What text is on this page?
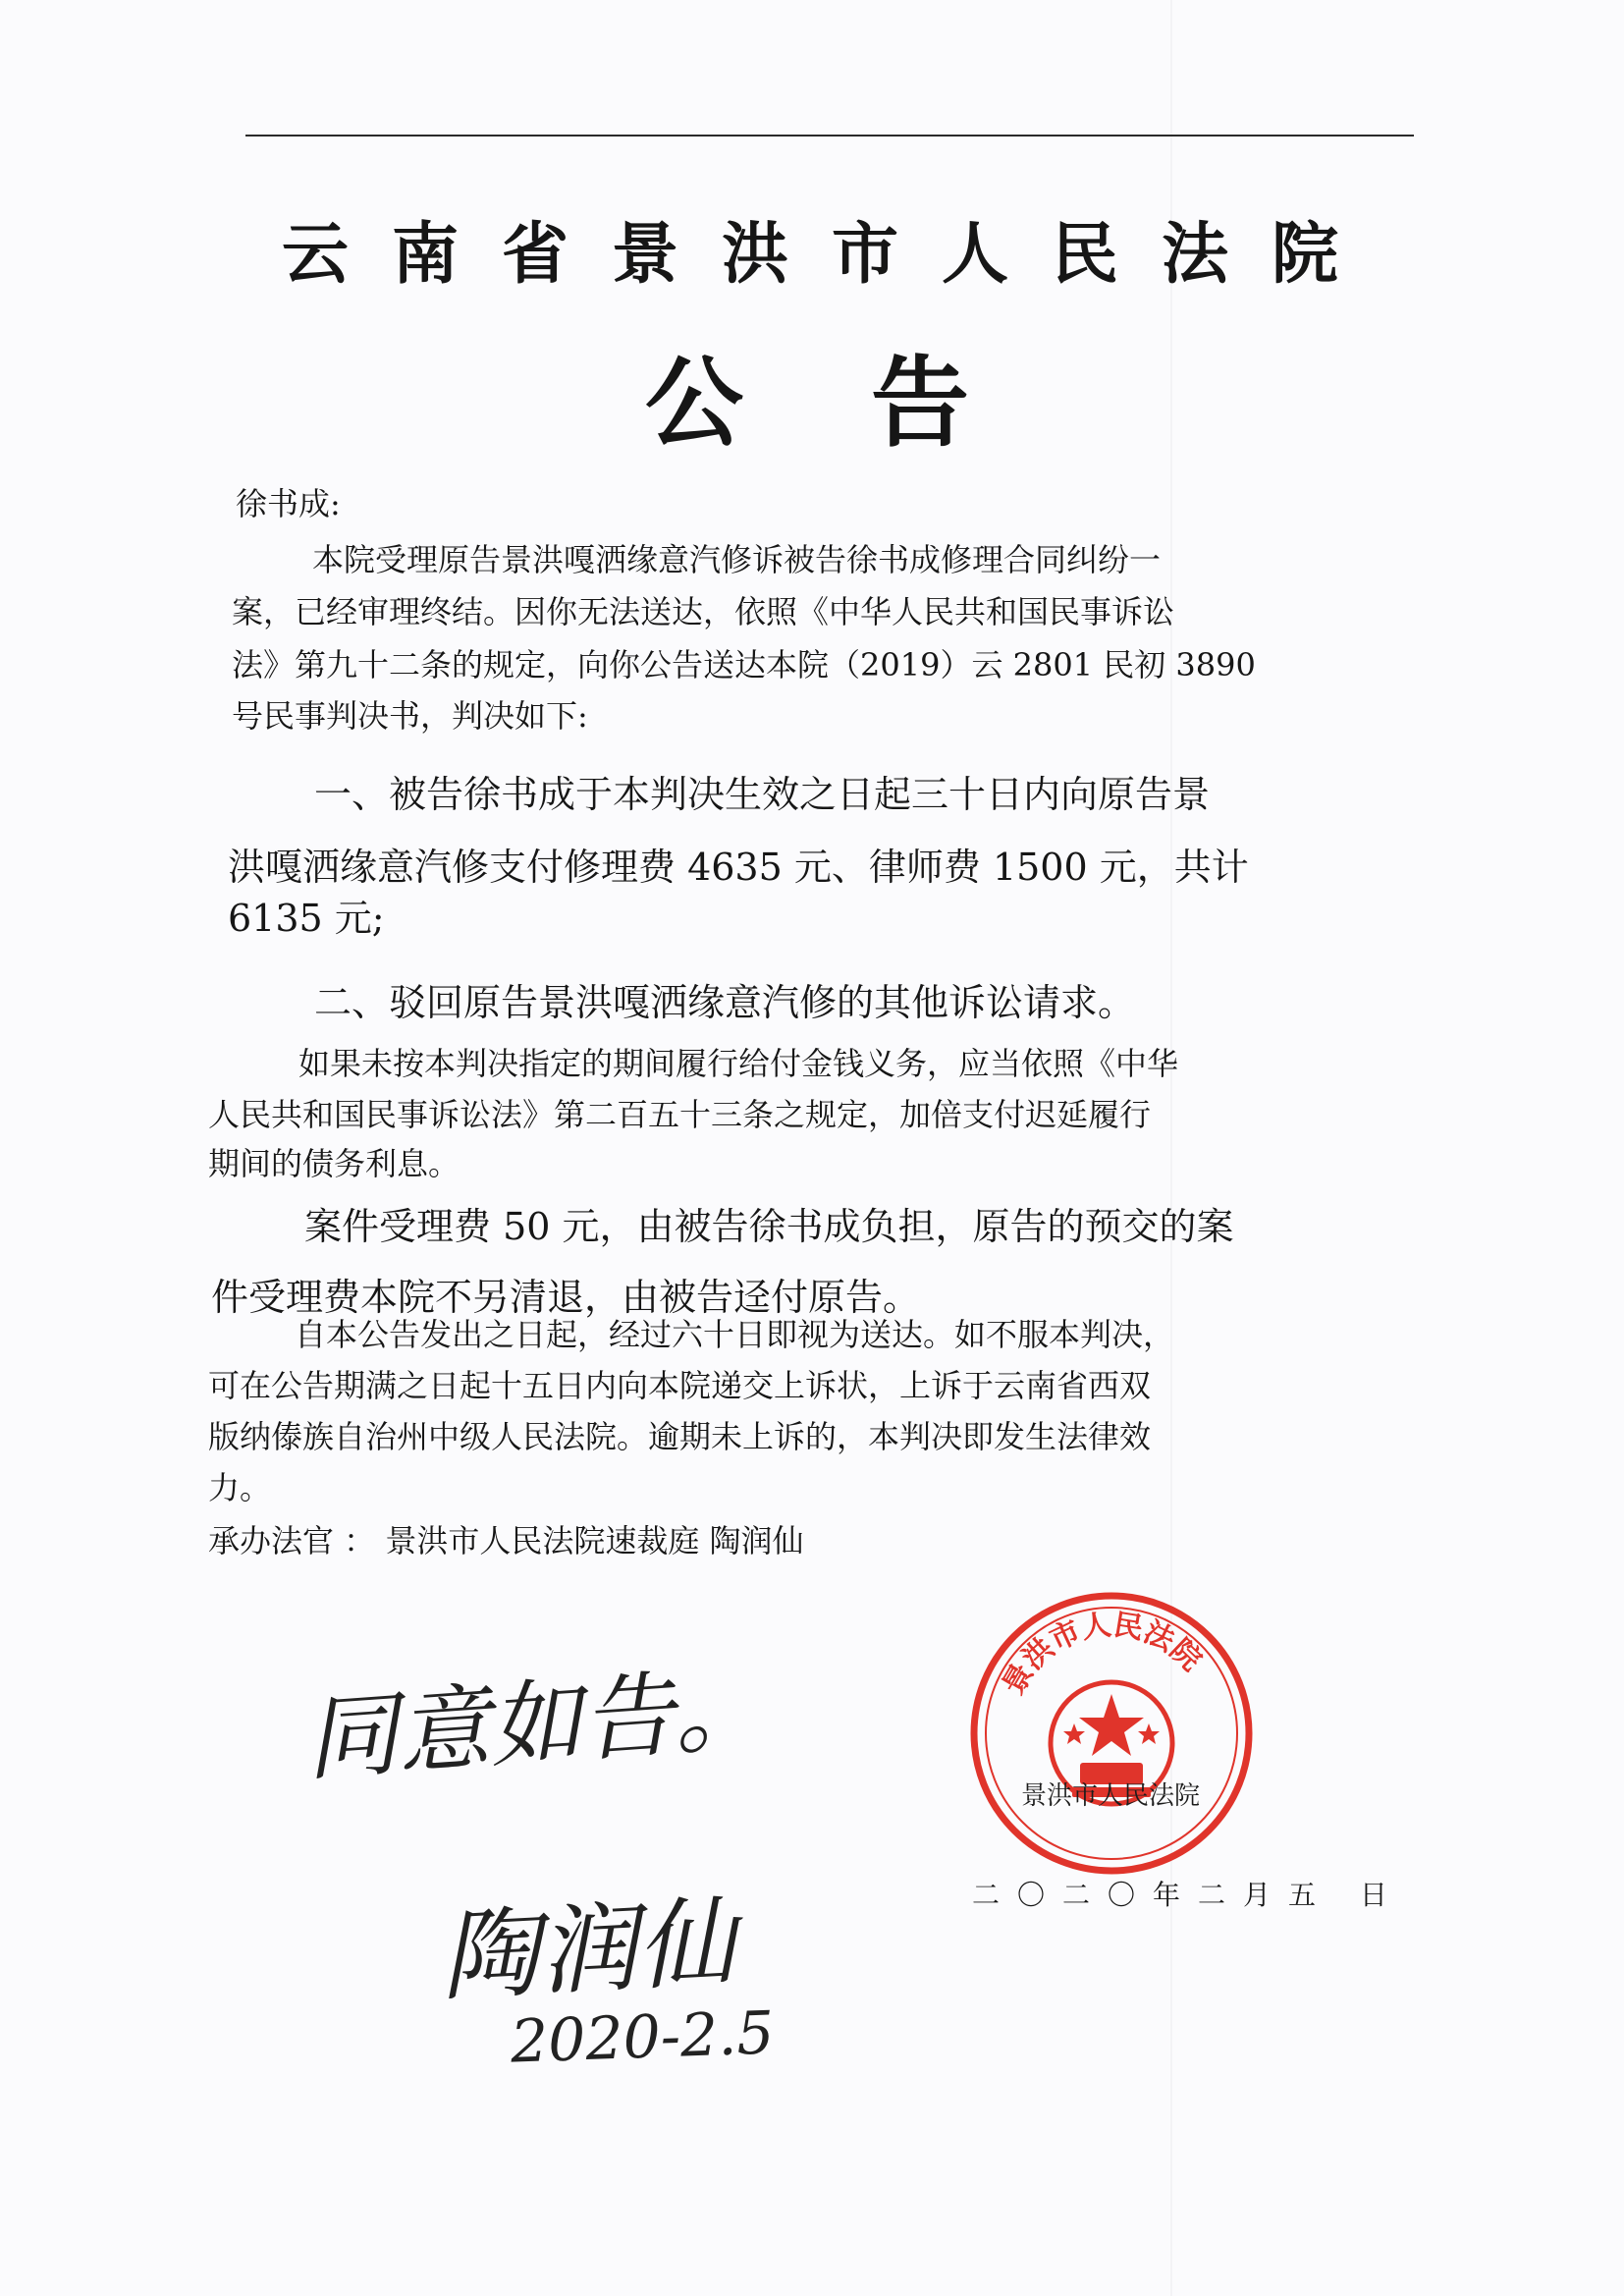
云南省景洪市人民法院
公告
徐书成:
本院受理原告景洪嘎洒缘意汽修诉被告徐书成修理合同纠纷一
案，已经审理终结。因你无法送达，依照《中华人民共和国民事诉讼
法》第九十二条的规定，向你公告送达本院（2019）云 2801 民初 3890
号民事判决书，判决如下:
一、被告徐书成于本判决生效之日起三十日内向原告景
洪嘎洒缘意汽修支付修理费 4635 元、律师费 1500 元，共计
6135 元;
二、驳回原告景洪嘎洒缘意汽修的其他诉讼请求。
如果未按本判决指定的期间履行给付金钱义务，应当依照《中华
人民共和国民事诉讼法》第二百五十三条之规定，加倍支付迟延履行
期间的债务利息。
案件受理费 50 元，由被告徐书成负担，原告的预交的案
件受理费本院不另清退，由被告迳付原告。
自本公告发出之日起，经过六十日即视为送达。如不服本判决，
可在公告期满之日起十五日内向本院递交上诉状，上诉于云南省西双
版纳傣族自治州中级人民法院。逾期未上诉的，本判决即发生法律效
力。
承办法官 ： 景洪市人民法院速裁庭 陶润仙
同意如告。
陶润仙
2020-2.5
景洪市人民法院
景洪市人民法院
二〇二〇年二月五 日
